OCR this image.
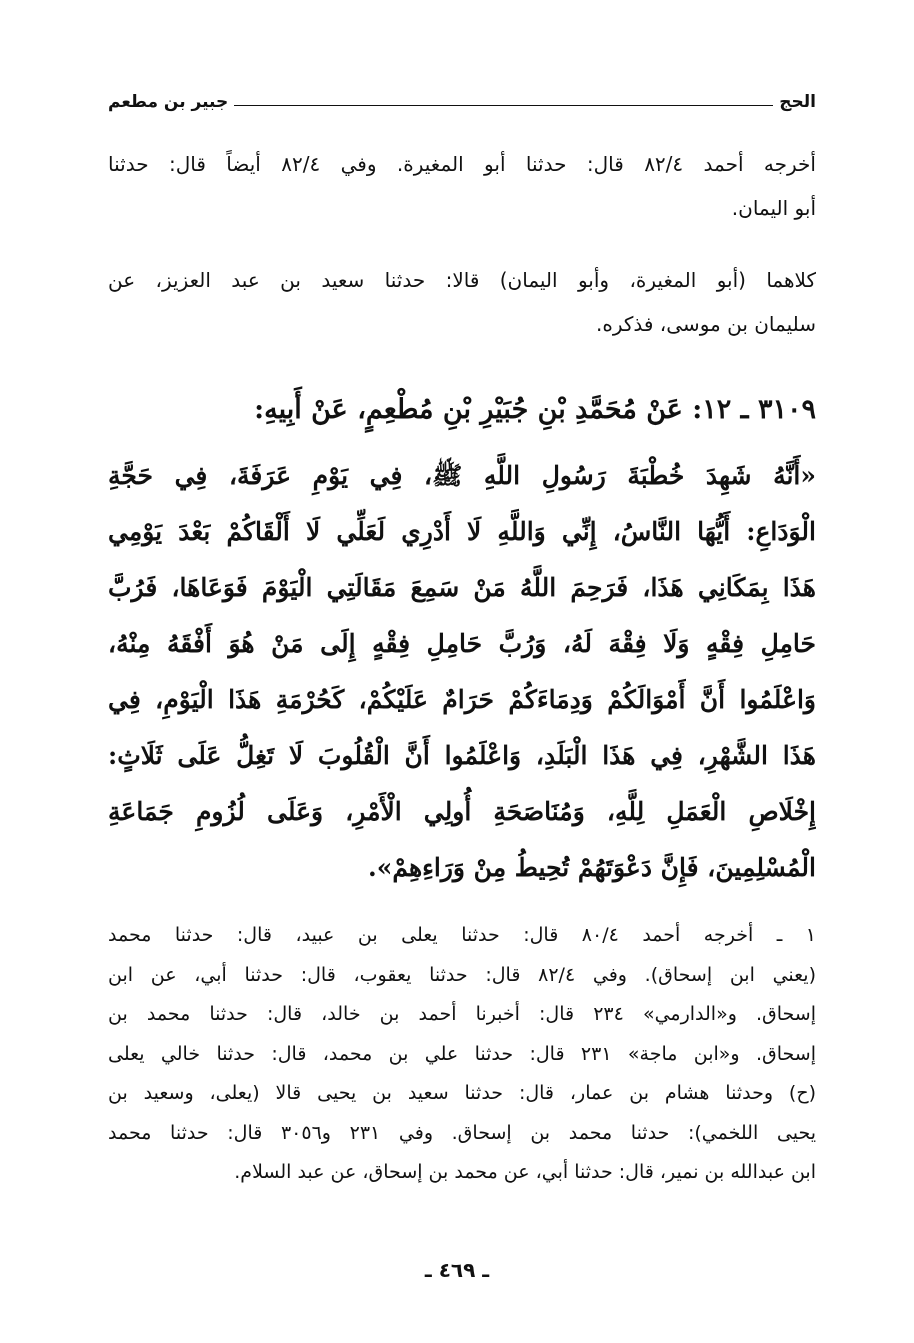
الحج
جبير بن مطعم
أخرجه أحمد ٨٢/٤ قال: حدثنا أبو المغيرة. وفي ٨٢/٤ أيضاً قال: حدثنا
أبو اليمان.
كلاهما (أبو المغيرة، وأبو اليمان) قالا: حدثنا سعيد بن عبد العزيز، عن
سليمان بن موسى، فذكره.
٣١٠٩ ـ ١٢: عَنْ مُحَمَّدِ بْنِ جُبَيْرِ بْنِ مُطْعِمٍ، عَنْ أَبِيهِ:
«أَنَّهُ شَهِدَ خُطْبَةَ رَسُولِ اللَّهِ ﷺ، فِي يَوْمِ عَرَفَةَ، فِي حَجَّةِ
الْوَدَاعِ: أَيُّهَا النَّاسُ، إِنِّي وَاللَّهِ لَا أَدْرِي لَعَلِّي لَا أَلْقَاكُمْ بَعْدَ يَوْمِي
هَذَا بِمَكَانِي هَذَا، فَرَحِمَ اللَّهُ مَنْ سَمِعَ مَقَالَتِي الْيَوْمَ فَوَعَاهَا، فَرُبَّ
حَامِلِ فِقْهٍ وَلَا فِقْهَ لَهُ، وَرُبَّ حَامِلِ فِقْهٍ إِلَى مَنْ هُوَ أَفْقَهُ مِنْهُ،
وَاعْلَمُوا أَنَّ أَمْوَالَكُمْ وَدِمَاءَكُمْ حَرَامٌ عَلَيْكُمْ، كَحُرْمَةِ هَذَا الْيَوْمِ، فِي
هَذَا الشَّهْرِ، فِي هَذَا الْبَلَدِ، وَاعْلَمُوا أَنَّ الْقُلُوبَ لَا تَغِلُّ عَلَى ثَلَاثٍ:
إِخْلَاصِ الْعَمَلِ لِلَّهِ، وَمُنَاصَحَةِ أُولِي الْأَمْرِ، وَعَلَى لُزُومِ جَمَاعَةِ
الْمُسْلِمِينَ، فَإِنَّ دَعْوَتَهُمْ تُحِيطُ مِنْ وَرَاءِهِمْ».
١ ـ أخرجه أحمد ٨٠/٤ قال: حدثنا يعلى بن عبيد، قال: حدثنا محمد
(يعني ابن إسحاق). وفي ٨٢/٤ قال: حدثنا يعقوب، قال: حدثنا أبي، عن ابن
إسحاق. و«الدارمي» ٢٣٤ قال: أخبرنا أحمد بن خالد، قال: حدثنا محمد بن
إسحاق. و«ابن ماجة» ٢٣١ قال: حدثنا علي بن محمد، قال: حدثنا خالي يعلى
(ح) وحدثنا هشام بن عمار، قال: حدثنا سعيد بن يحيى قالا (يعلى، وسعيد بن
يحيى اللخمي): حدثنا محمد بن إسحاق. وفي ٢٣١ و٣٠٥٦ قال: حدثنا محمد
ابن عبدالله بن نمير، قال: حدثنا أبي، عن محمد بن إسحاق، عن عبد السلام.
ـ ٤٦٩ ـ
